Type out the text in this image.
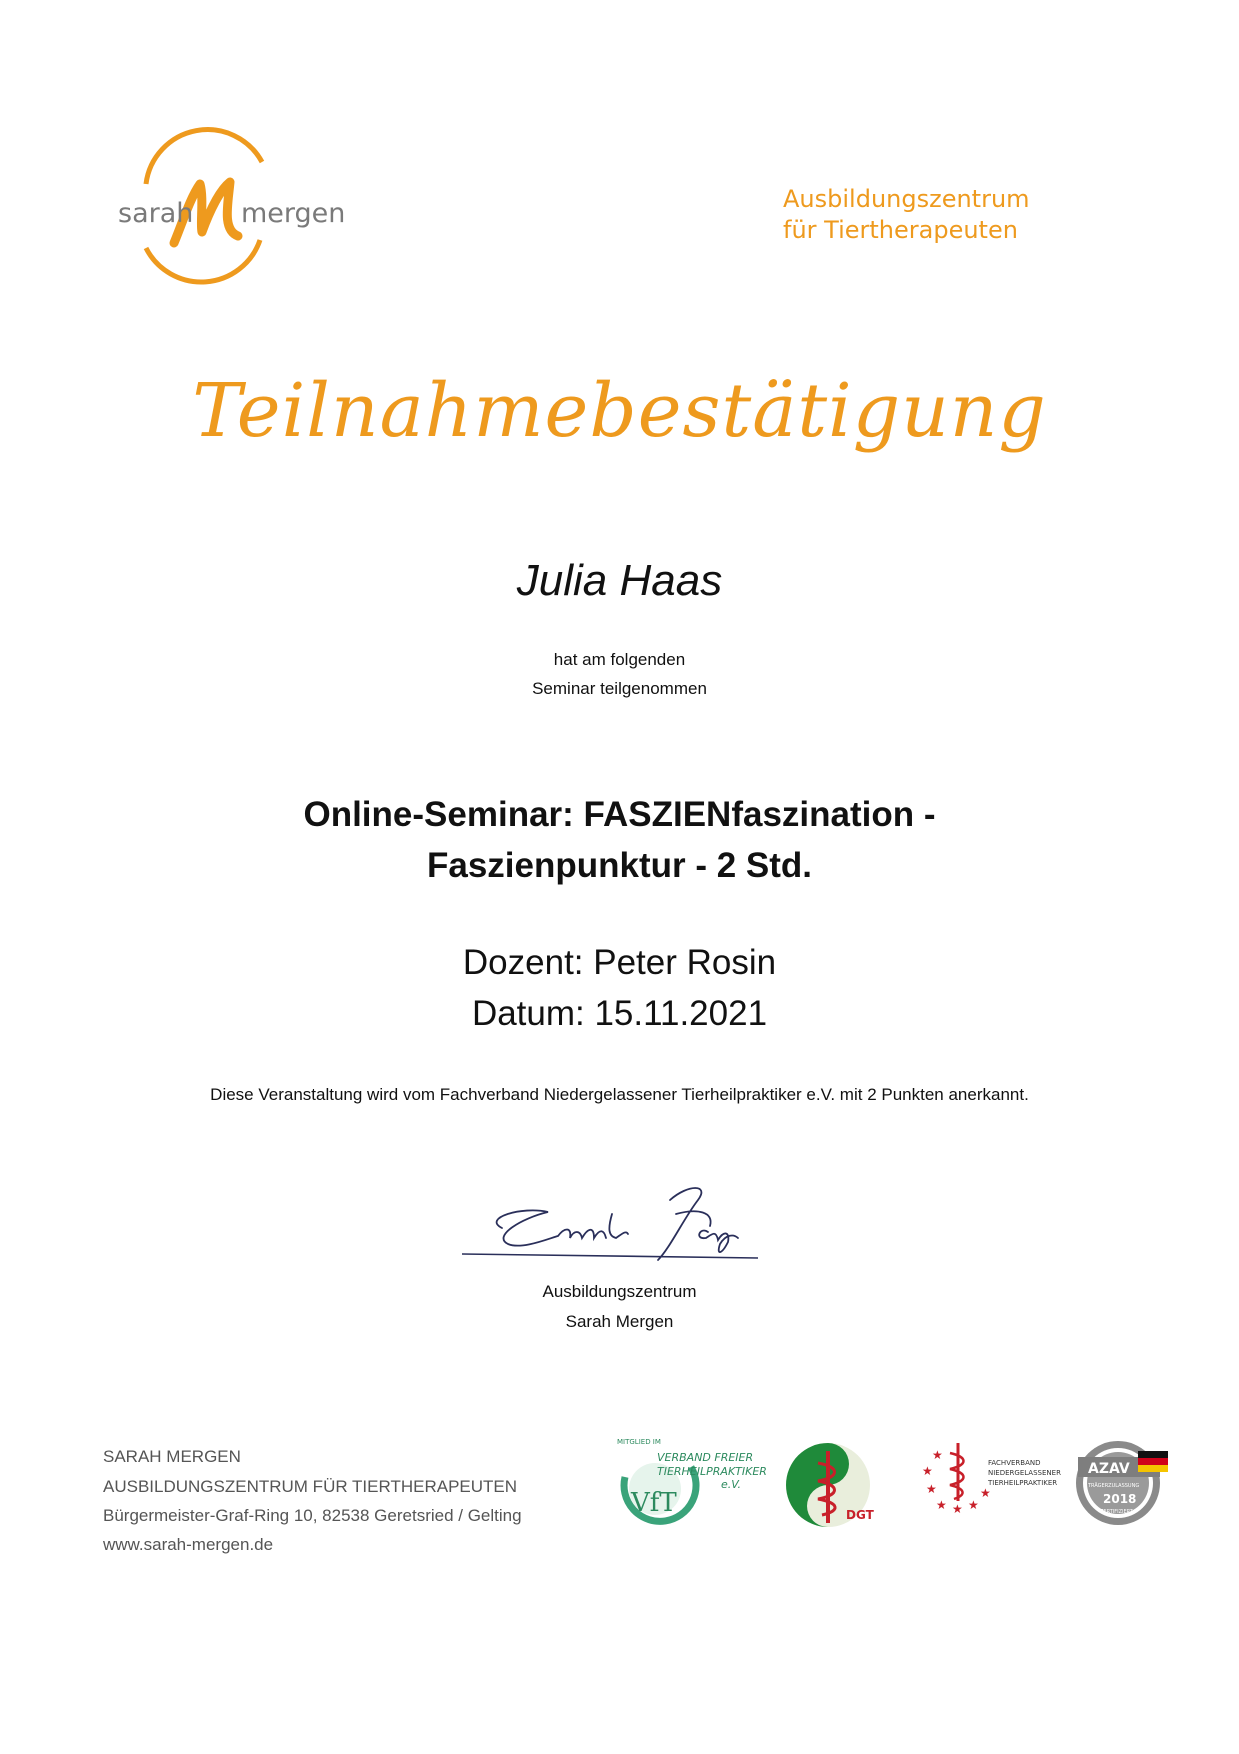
sarah mergen	Ausbildungszentrum
für Tiertherapeuten
Teilnahmebestätigung
Julia Haas
hat am folgenden
Seminar teilgenommen
Online-Seminar: FASZIENfaszination -
Faszienpunktur - 2 Std.
Dozent: Peter Rosin
Datum: 15.11.2021
Diese Veranstaltung wird vom Fachverband Niedergelassener Tierheilpraktiker e.V. mit 2 Punkten anerkannt.
Ausbildungszentrum
Sarah Mergen
SARAH MERGEN
AUSBILDUNGSZENTRUM FÜR TIERTHERAPEUTEN
Bürgermeister-Graf-Ring 10, 82538 Geretsried / Gelting
www.sarah-mergen.de
MITGLIED IM
VERBAND FREIER
TIERHEILPRAKTIKER
e.V.
VfT	DGT
★
★
★ ★ ★
★
★
FACHVERBAND
NIEDERGELASSENER
TIERHEILPRAKTIKER
AZAV
TRÄGERZULASSUNG
2018
ZERTIFIZIERT
